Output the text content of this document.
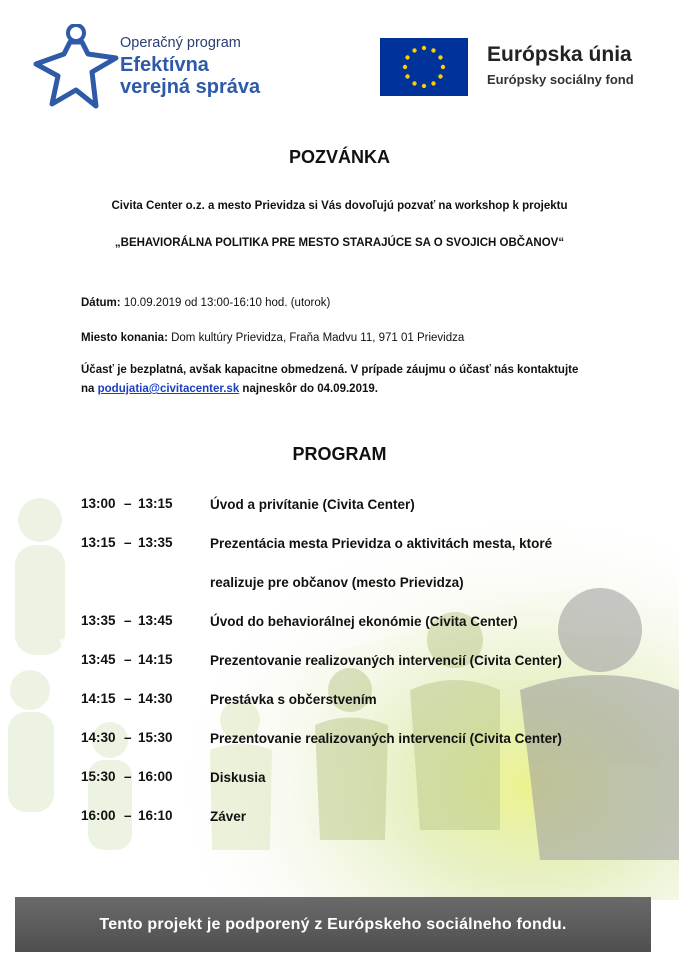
Operačný program
Efektívna
verejná správa
Európska únia
Európsky sociálny fond
POZVÁNKA

Civita Center o.z. a mesto Prievidza si Vás dovoľujú pozvať na workshop k projektu

„BEHAVIORÁLNA POLITIKA PRE MESTO STARAJÚCE SA O SVOJICH OBČANOV“

Dátum: 10.09.2019 od 13:00-16:10 hod. (utorok)

Miesto konania: Dom kultúry Prievidza, Fraňa Madvu 11, 971 01 Prievidza

Účasť je bezplatná, avšak kapacitne obmedzená. V prípade záujmu o účasť nás kontaktujte
na podujatia@civitacenter.sk najneskôr do 04.09.2019.

PROGRAM
13:00 – 13:15	Úvod a privítanie (Civita Center)
13:15 – 13:35	Prezentácia mesta Prievidza o aktivitách mesta, ktoré
realizuje pre občanov (mesto Prievidza)
13:35 – 13:45	Úvod do behaviorálnej ekonómie (Civita Center)
13:45 – 14:15	Prezentovanie realizovaných intervencií (Civita Center)
14:15 – 14:30	Prestávka s občerstvením
14:30 – 15:30	Prezentovanie realizovaných intervencií (Civita Center)
15:30 – 16:00	Diskusia
16:00 – 16:10	Záver
Tento projekt je podporený z Európskeho sociálneho fondu.
